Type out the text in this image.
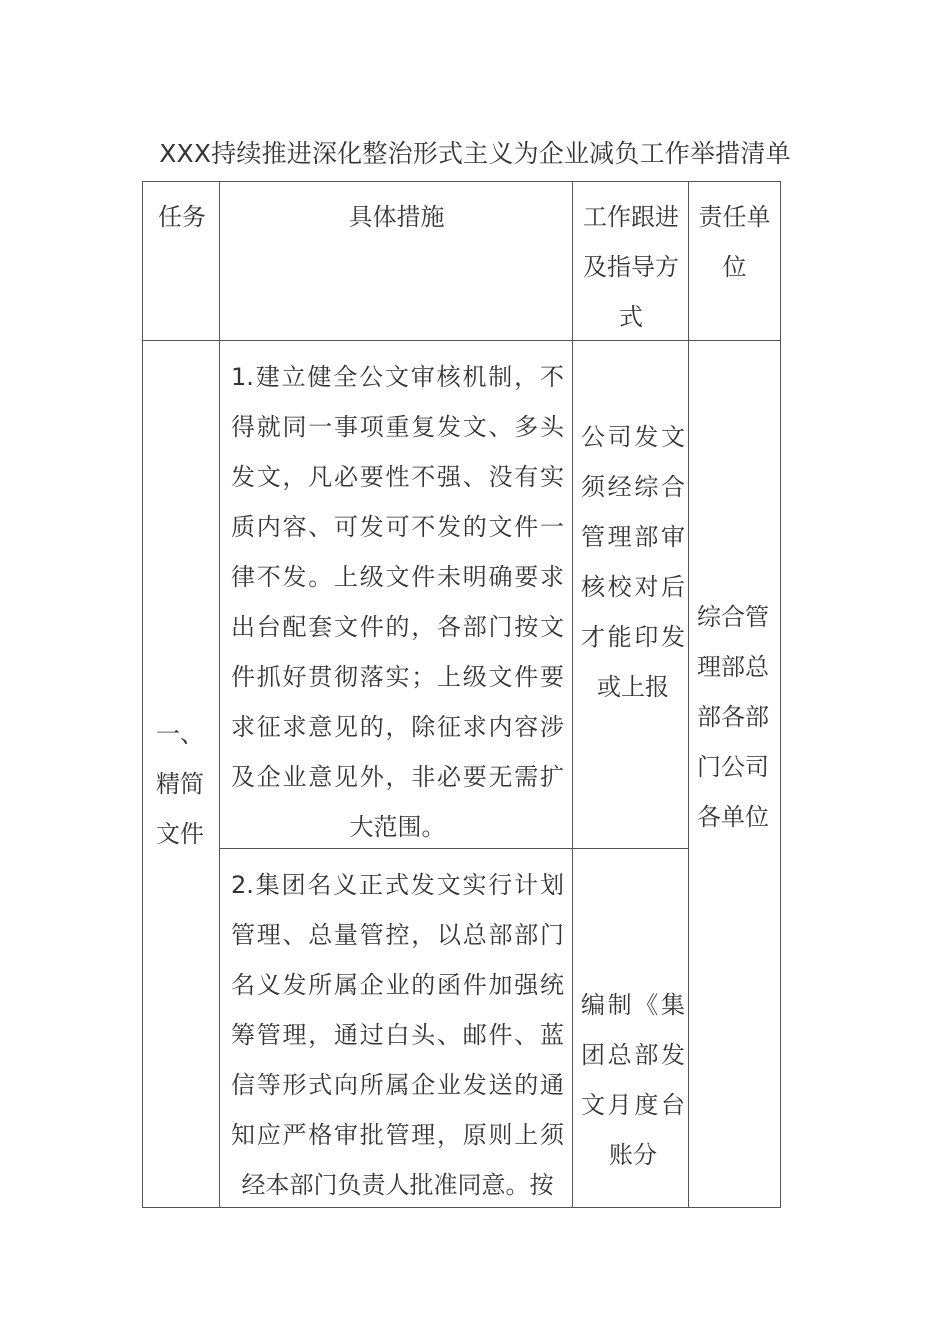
XXX持续推进深化整治形式主义为企业减负工作举措清单
任务	具体措施	工作跟进及指导方式
责任单位
一、精简文件
1.建立健全公文审核机制，不得就同一事项重复发文、多头发文，凡必要性不强、没有实质内容、可发可不发的文件一律不发。上级文件未明确要求出台配套文件的，各部门按文件抓好贯彻落实；上级文件要求征求意见的，除征求内容涉及企业意见外，非必要无需扩大范围。
公司发文须经综合管理部审核校对后才能印发或上报
综合管理部总部各部门公司各单位
2.集团名义正式发文实行计划管理、总量管控，以总部部门名义发所属企业的函件加强统筹管理，通过白头、邮件、蓝信等形式向所属企业发送的通知应严格审批管理，原则上须经本部门负责人批准同意。按
编制《集团总部发文月度台账分
